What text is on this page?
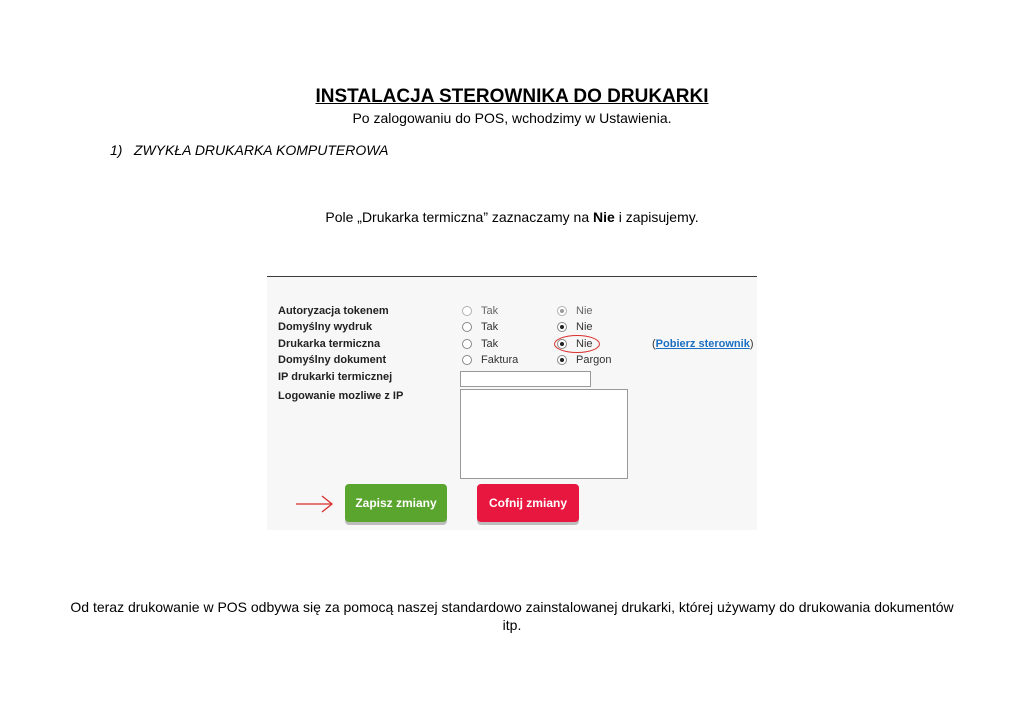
INSTALACJA STEROWNIKA DO DRUKARKI
Po zalogowaniu do POS, wchodzimy w Ustawienia.
1) ZWYKŁA DRUKARKA KOMPUTEROWA
Pole „Drukarka termiczna” zaznaczamy na Nie i zapisujemy.
Autoryzacja tokenem	Tak	Nie
Domyślny wydruk	Tak	Nie
Drukarka termiczna	Tak	Nie	(Pobierz sterownik)
Domyślny dokument	Faktura	Pargon
IP drukarki termicznej
Logowanie mozliwe z IP
Zapisz zmiany	Cofnij zmiany
Od teraz drukowanie w POS odbywa się za pomocą naszej standardowo zainstalowanej drukarki, której używamy do drukowania dokumentów itp.
